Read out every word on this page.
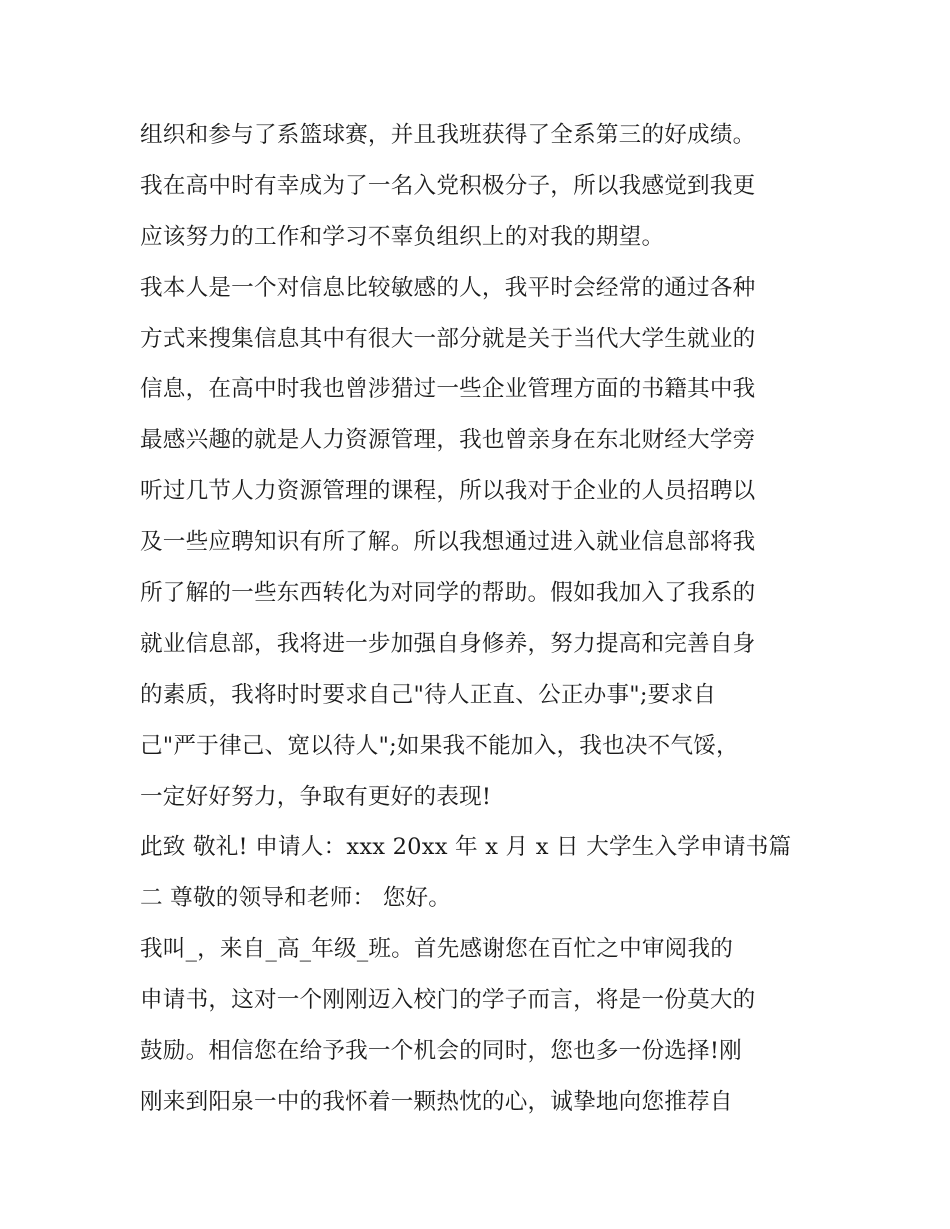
组织和参与了系篮球赛，并且我班获得了全系第三的好成绩。
我在高中时有幸成为了一名入党积极分子，所以我感觉到我更
应该努力的工作和学习不辜负组织上的对我的期望。
我本人是一个对信息比较敏感的人，我平时会经常的通过各种
方式来搜集信息其中有很大一部分就是关于当代大学生就业的
信息，在高中时我也曾涉猎过一些企业管理方面的书籍其中我
最感兴趣的就是人力资源管理，我也曾亲身在东北财经大学旁
听过几节人力资源管理的课程，所以我对于企业的人员招聘以
及一些应聘知识有所了解。所以我想通过进入就业信息部将我
所了解的一些东西转化为对同学的帮助。假如我加入了我系的
就业信息部，我将进一步加强自身修养，努力提高和完善自身
的素质，我将时时要求自己"待人正直、公正办事";要求自
己"严于律己、宽以待人";如果我不能加入，我也决不气馁，
一定好好努力，争取有更好的表现!
此致 敬礼! 申请人：xxx 20xx 年 x 月 x 日 大学生入学申请书篇
二 尊敬的领导和老师： 您好。
我叫_，来自_高_年级_班。首先感谢您在百忙之中审阅我的
申请书，这对一个刚刚迈入校门的学子而言，将是一份莫大的
鼓励。相信您在给予我一个机会的同时，您也多一份选择!刚
刚来到阳泉一中的我怀着一颗热忱的心，诚挚地向您推荐自
